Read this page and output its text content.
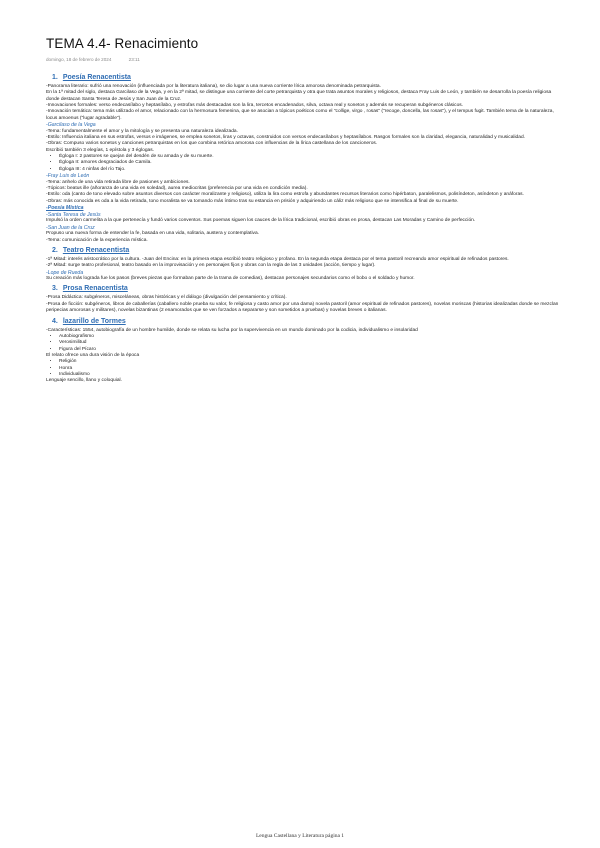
TEMA 4.4- Renacimiento
domingo, 18 de febrero de 2024	23:11
1. Poesía Renacentista

-Panorama literario: sufrió una renovación (influenciada por la literatura italiana), se dio lugar a una nueva corriente lírica amorosa denominada petrarquista.

En la 1ª mitad del siglo, destaca Garcilaso de la Vega, y en la 2ª mitad, se distingue una corriente del corte petrarquista y otra que trata asuntos morales y religiosos, destaca Fray Luis de León, y también se desarrolla la poesía religiosa donde destacan Santa Teresa de Jesús y San Juan de la Cruz.

-Innovaciones formales: verso endecasílabo y heptasílabo, y estrofas más destacadas son la lira, tercetos encadenados, silva, octava real y sonetos y además se recuperan subgéneros clásicos.

-Innovación temática: tema más utilizado el amor, relacionado con la hermosura femenina, que se asocian a tópicos poéticos como el "collige, virgo , rosas" ("recoge, doncella, las rosas"), y el tempus fugit. También tema de la naturaleza, locus amoenus ("lugar agradable").

-Garcilaso de la Vega

-Tema: fundamentalmente el amor y la mitología y se presenta una naturaleza idealizada.

-Estilo: Influencia italiana en sus estrofas, versos e imágenes, se emplea sonetos, liras y octavas, construidos con versos endecasílabos y heptasílabos. Rasgos formales son la claridad, elegancia, naturalidad y musicalidad.

-Obras: Compuso varios sonetos y canciones petrarquistas en los que combina retórica amorosa con influencias de la lírica castellana de los cancioneros.

Escribió también 3 elegías, 1 epístola y 3 églogas.

• Égloga I: 2 pastores se quejan del desdén de su amada y de su muerte.
• Égloga II: amores desgraciados de Camila.
• Égloga III: 4 ninfas del río Tajo.
-Fray Luis de León

-Tema: anhelo de una vida retirada libre de pasiones y ambiciones.

-Tópicos: beatus ille (añoranza de una vida en soledad), aurea mediocritas (preferencia por una vida en condición media).

-Estilo: oda (canto de tono elevado sobre asuntos diversos con carácter moralizante y religioso), utiliza la lira como estrofa y abundantes recursos literarios como hipérbaton, paralelismos, polisíndeton, asíndeton y anáforas.

-Obras: más conocida es oda a la vida retirada, tono moralista se va tomando más íntimo tras su estancia en prisión y adquiriendo un cáliz más religioso que se intensifica al final de su muerte.

-Poesía Mística
-Santa Teresa de Jesús

Impulsó la orden carmelita a la que pertenecía y fundó varios conventos. Sus poemas siguen los cauces de la lírica tradicional, escribió obras en prosa, destacan Las Moradas y Camino de perfección.

-San Juan de la Cruz

Propuso una nueva forma de entender la fe, basada en una vida, solitaria, austera y contemplativa.

-Tema: comunicación de la experiencia mística.

2. Teatro Renacentista

-1ª Mitad: interés aristocrático por la cultura. -Juan del Encina: en la primera etapa escribió teatro religioso y profano. En la segunda etapa destaca por el tema pastoril recreando amor espiritual de refinados pastores.

-2ª Mitad: surge teatro profesional, teatro basado en la improvisación y en personajes fijos y obras con la regla de las 3 unidades (acción, tiempo y lugar).

-Lope de Rueda

Su creación más lograda fue los pasos (breves piezas que formaban parte de la trama de comedias), destacan personajes secundarios como el bobo o el soldado y humor.

3. Prosa Renacentista

-Prosa Didáctica: subgéneros, misceláneas, obras históricas y el diálogo (divulgación del pensamiento y crítica).

-Prosa de ficción: subgéneros, libros de caballerías (caballero noble prueba su valor, fe religiosa y casto amor por una dama) novela pastoril (amor espiritual de refinados pastores), novelas moriscas (historias idealizadas donde se mezclan peripecias amorosas y militares), novelas bizantinas (2 enamorados que se ven forzados a separarse y son sometidos a pruebas) y novelas breves o italianas.

4. lazarillo de Tormes

-Características: 1554, autobiografía de un hombre humilde, donde se relata su lucha por la supervivencia en un mundo dominado por la codicia, individualismo e insolaridad

• Autobiografismo
• Verosimilitud
• Figura del Pícaro

El relato ofrece una dura visión de la época

• Religión
• Honra
• Individualismo

Lenguaje sencillo, llano y coloquial.

Lengua Castellana y Literatura página 1
